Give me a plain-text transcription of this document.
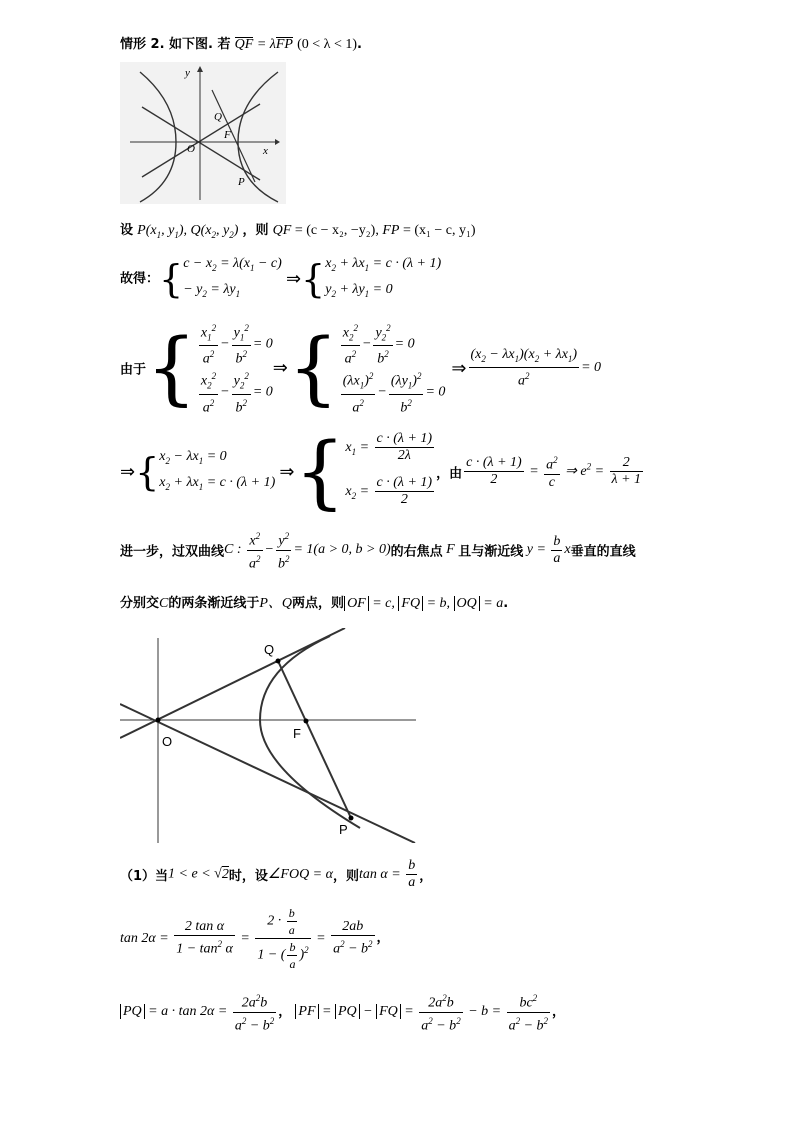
情形 2. 如下图. 若 QF = λFP (0 < λ < 1).
y
x
Q
F
O
P
设 $P(x_1$, $y_1$), $Q(x_2$, $y_2$) ，则 QF = (c − x₂, −y₂), FP = (x₁ − c, y₁)
故得：{ $c - x_2 = \lambda(x_1 - c)$
− $y_2 = \lambda y_1$
⇒{ $x_2 + \lambda x_1 = c \cdot (\lambda + 1)$
$y_2 + \lambda y_1 = 0$
由于{ $\frac{x_1^2}{a^2} - \frac{y_1^2}{b^2} = 0$
$\frac{x_2^2}{a^2} - \frac{y_2^2}{b^2} = 0$
⇒{ $\frac{x_2^2}{a^2} - \frac{y_2^2}{b^2} = 0$
$\frac{(\lambda x_1)^2}{a^2} - \frac{(\lambda y_1)^2}{b^2} = 0$
⇒ $\frac{(x_2 - \lambda x_1)(x_2 + \lambda x_1)}{a^2} = 0$
⇒{ $x_2 - \lambda x_1 = 0$
$x_2 + \lambda x_1 = c \cdot (\lambda + 1)$
⇒{ $x_1 = \frac{c \cdot (\lambda + 1)}{2\lambda}$
$x_2 = \frac{c \cdot (\lambda + 1)}{2}$
，由 $\frac{c \cdot (\lambda + 1)}{2} = \frac{a^2}{c}$ ⇒ $e^2 = \frac{2}{\lambda + 1}$
进一步，过双曲线C : $\frac{x^2}{a^2} - \frac{y^2}{b^2} = 1(a > 0$, b > 0)的右焦点 F 且与渐近线 $y = \frac{b}{a}$ x垂直的直线
分别交C的两条渐近线于P、Q两点，则 OF = c, FQ = b, OQ = a.
Q
F
O
P
（1）当1 < e < √2时，设∠FOQ = α，则$\tan \alpha = \frac{b}{a}$ ，
$\tan 2\alpha = \frac{\text{2 tan α}}{1 - \tan^2 \alpha} = \frac{2 \cdot \frac{b}{a}}{1 - ( \frac{b}{a} )^2} = \frac{2ab}{a^2 - b^2}$ ，
PQ = $a \cdot \tan 2\alpha = \frac{2a^2b}{a^2 - b^2}$ ， PF = PQ − FQ = $\frac{2a^2b}{a^2 - b^2} - b = \frac{bc^2}{a^2 - b^2}$ ，
